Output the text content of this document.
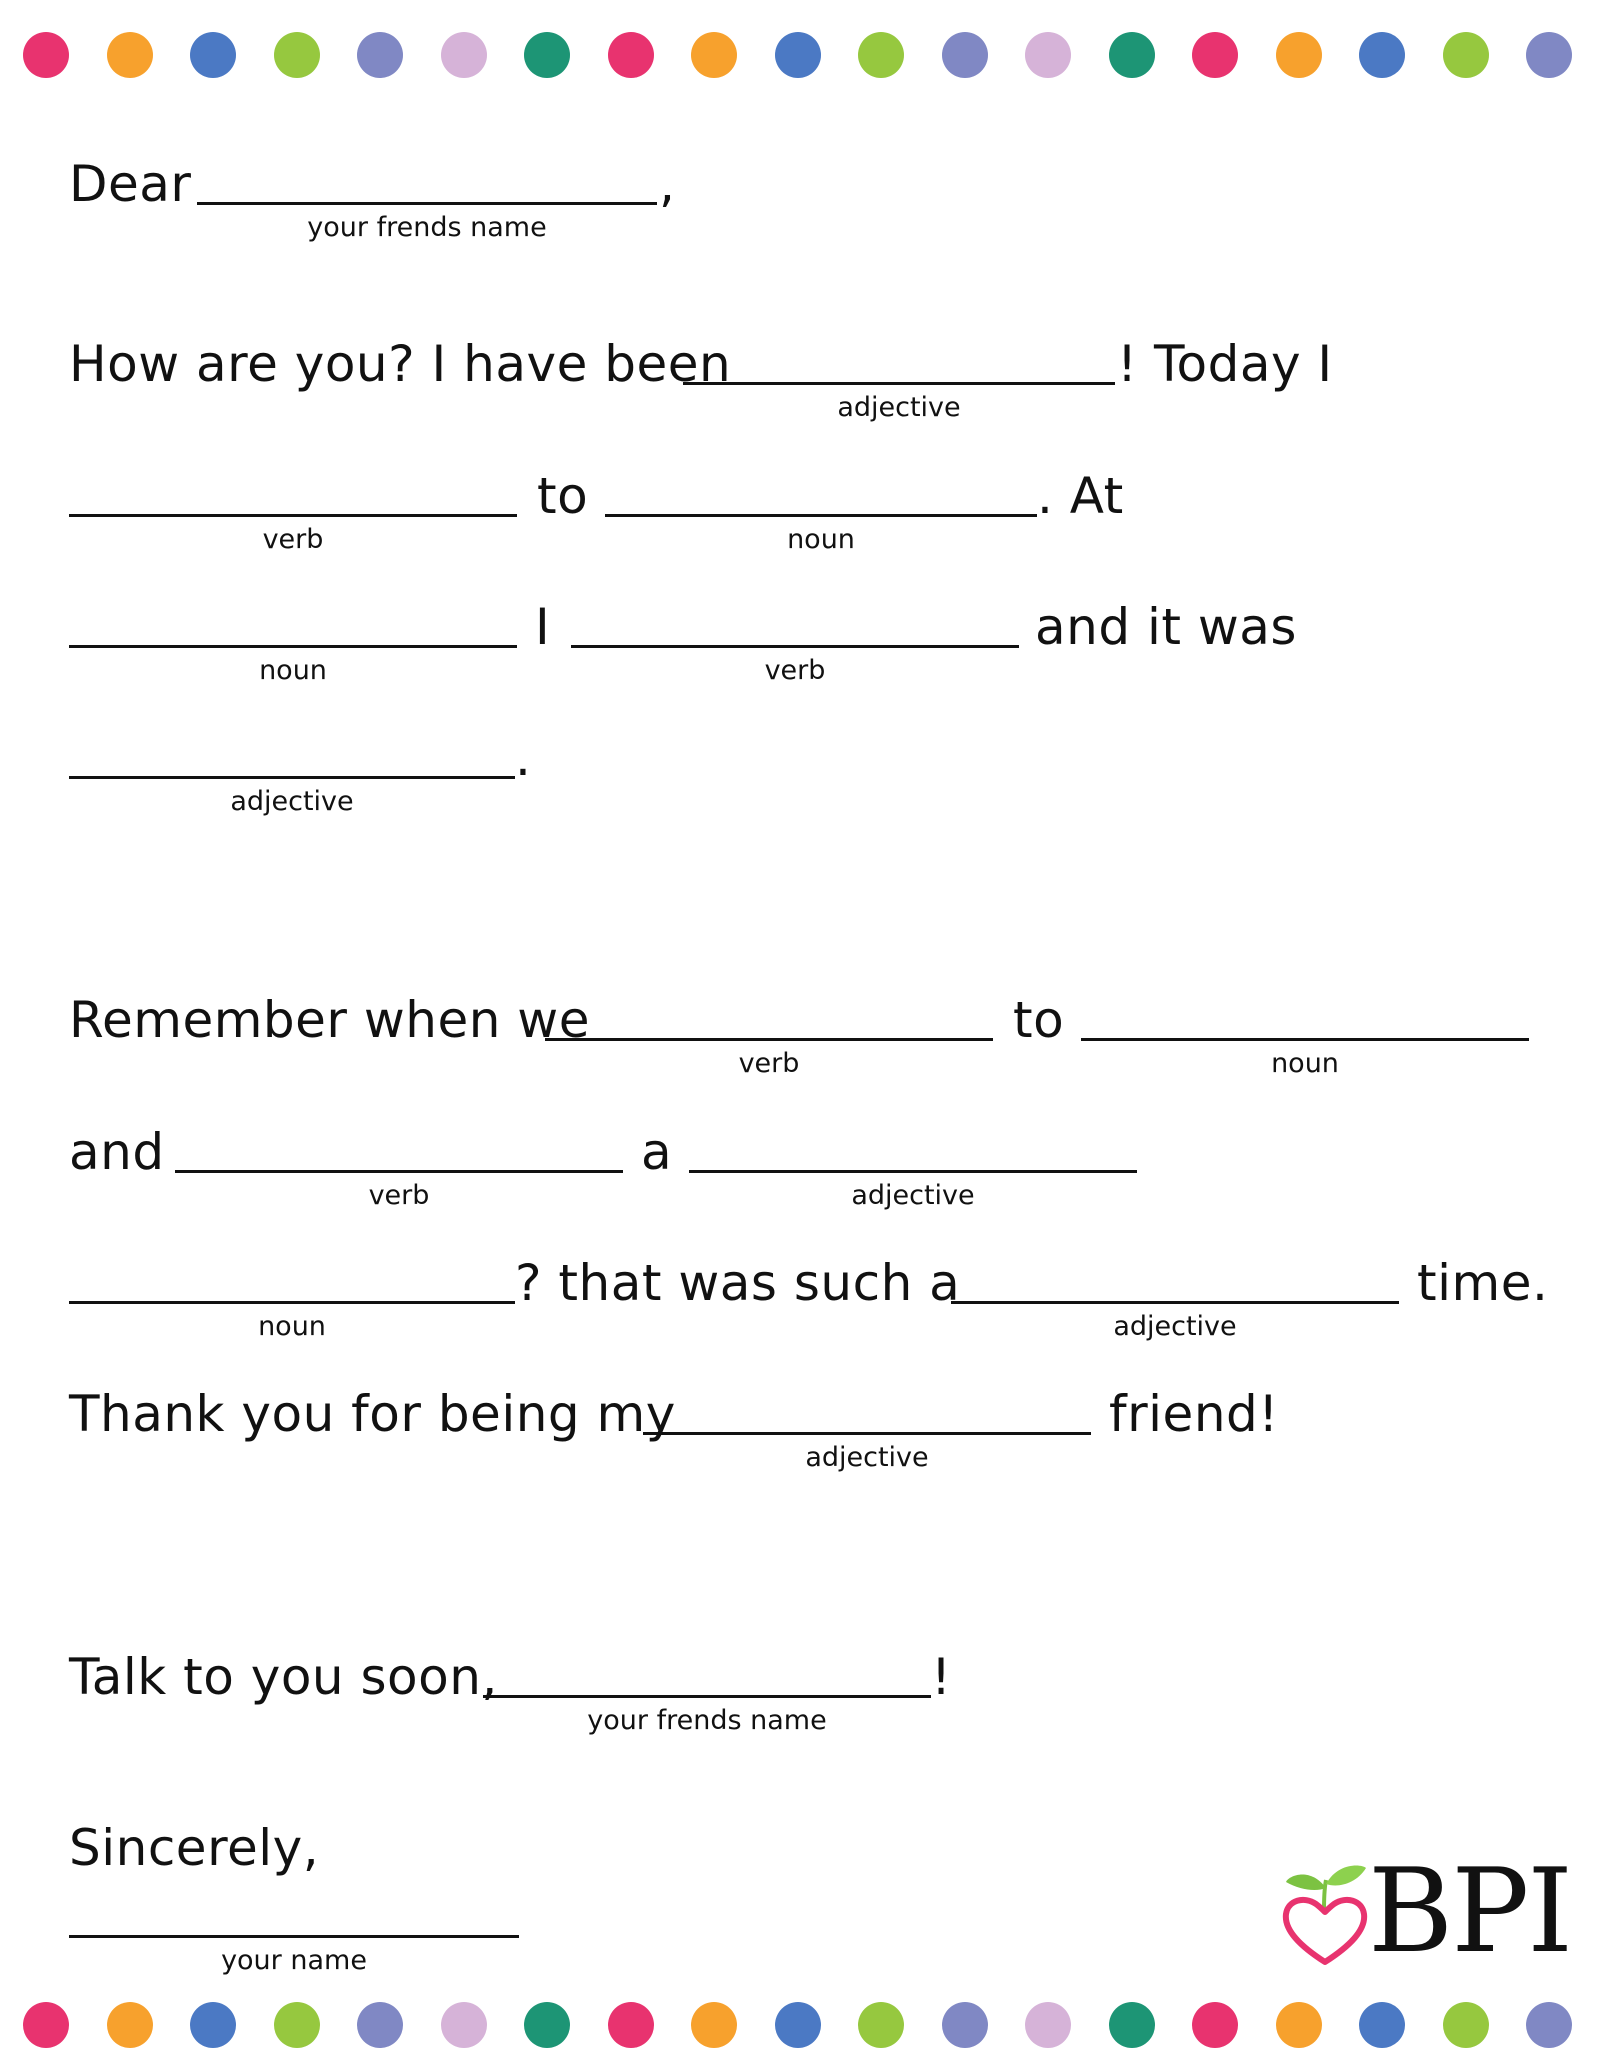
Dear
your frends name
,
How are you? I have been
adjective
! Today I
verb
to
noun
. At
noun
I
verb
and it was
adjective
.
Remember when we
verb
to
noun
and
verb
a
adjective
noun
? that was such a
adjective
time.
Thank you for being my
adjective
friend!
Talk to you soon,
your frends name
!
Sincerely,
your name	BPI
